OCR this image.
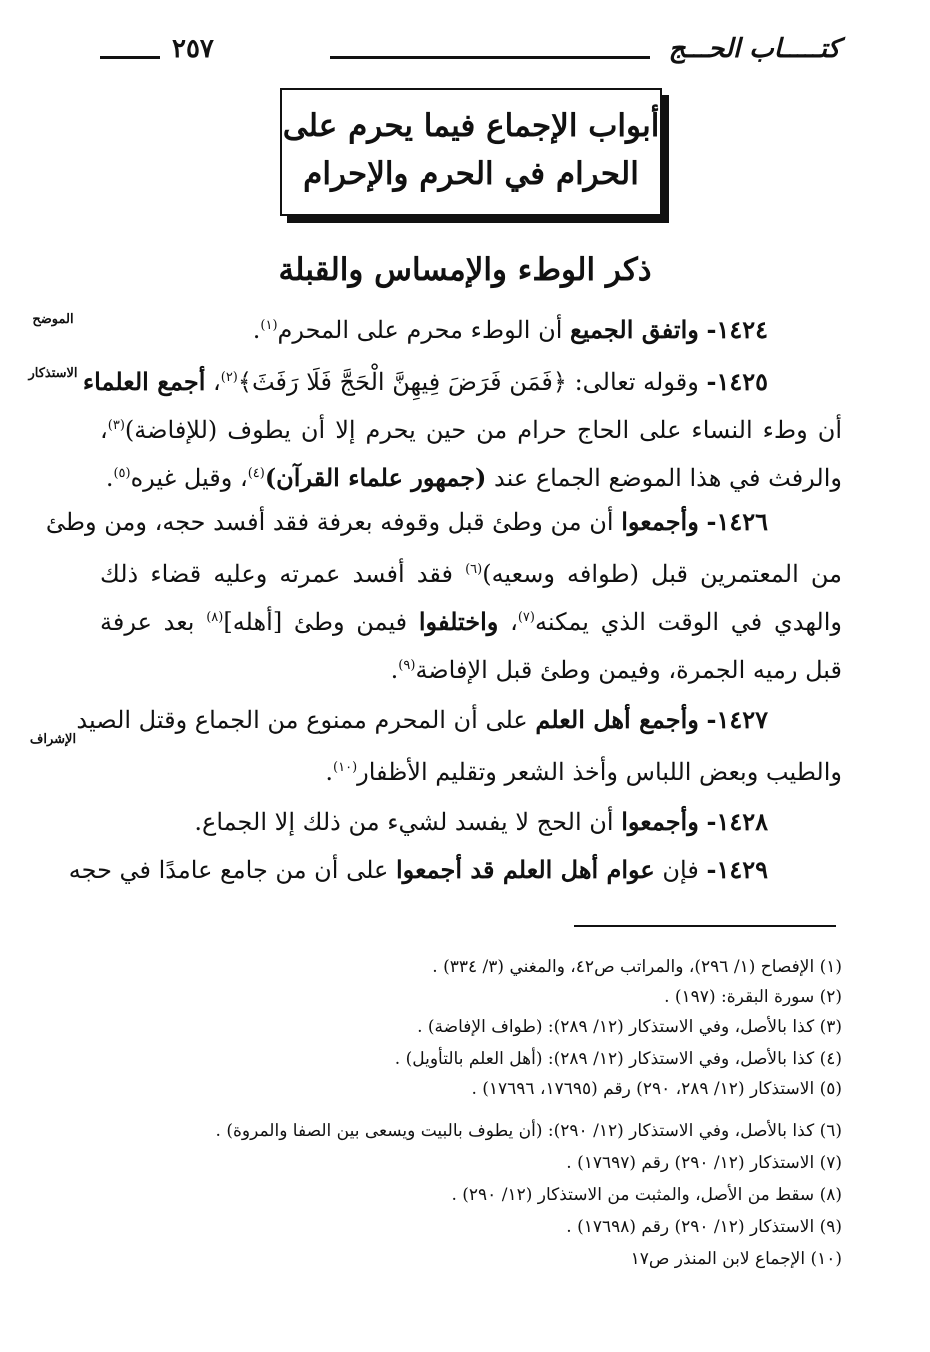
كتـــــاب الحـــج
٢٥٧
أبواب الإجماع فيما يحرم على
الحرام في الحرم والإحرام
ذكر الوطء والإمساس والقبلة
الموضح
الاستذكار
الإشراف
١٤٢٤- واتفق الجميع أن الوطء محرم على المحرم$^{(١)}$.
١٤٢٥- وقوله تعالى: ﴿فَمَن فَرَضَ فِيهِنَّ الْحَجَّ فَلَا رَفَثَ﴾$^{(٢)}$، أجمع العلماء
أن وطء النساء على الحاج حرام من حين يحرم إلا أن يطوف (للإفاضة)$^{(٣)}$،
والرفث في هذا الموضع الجماع عند (جمهور علماء القرآن)$^{(٤)}$، وقيل غيره$^{(٥)}$.
١٤٢٦- وأجمعوا أن من وطئ قبل وقوفه بعرفة فقد أفسد حجه، ومن وطئ
من المعتمرين قبل (طوافه وسعيه)$^{(٦)}$ فقد أفسد عمرته وعليه قضاء ذلك
والهدي في الوقت الذي يمكنه$^{(٧)}$، واختلفوا فيمن وطئ [أهله]$^{(٨)}$ بعد عرفة
قبل رميه الجمرة، وفيمن وطئ قبل الإفاضة$^{(٩)}$.
١٤٢٧- وأجمع أهل العلم على أن المحرم ممنوع من الجماع وقتل الصيد
والطيب وبعض اللباس وأخذ الشعر وتقليم الأظفار$^{(١٠)}$.
١٤٢٨- وأجمعوا أن الحج لا يفسد لشيء من ذلك إلا الجماع.
١٤٢٩- فإن عوام أهل العلم قد أجمعوا على أن من جامع عامدًا في حجه
(١) الإفصاح (١/ ٢٩٦)، والمراتب ص٤٢، والمغني (٣/ ٣٣٤) .
(٢) سورة البقرة: (١٩٧) .
(٣) كذا بالأصل، وفي الاستذكار (١٢/ ٢٨٩): (طواف الإفاضة) .
(٤) كذا بالأصل، وفي الاستذكار (١٢/ ٢٨٩): (أهل العلم بالتأويل) .
(٥) الاستذكار (١٢/ ٢٨٩، ٢٩٠) رقم (١٧٦٩٥، ١٧٦٩٦) .
(٦) كذا بالأصل، وفي الاستذكار (١٢/ ٢٩٠): (أن يطوف بالبيت ويسعى بين الصفا والمروة) .
(٧) الاستذكار (١٢/ ٢٩٠) رقم (١٧٦٩٧) .
(٨) سقط من الأصل، والمثبت من الاستذكار (١٢/ ٢٩٠) .
(٩) الاستذكار (١٢/ ٢٩٠) رقم (١٧٦٩٨) .
(١٠) الإجماع لابن المنذر ص١٧
